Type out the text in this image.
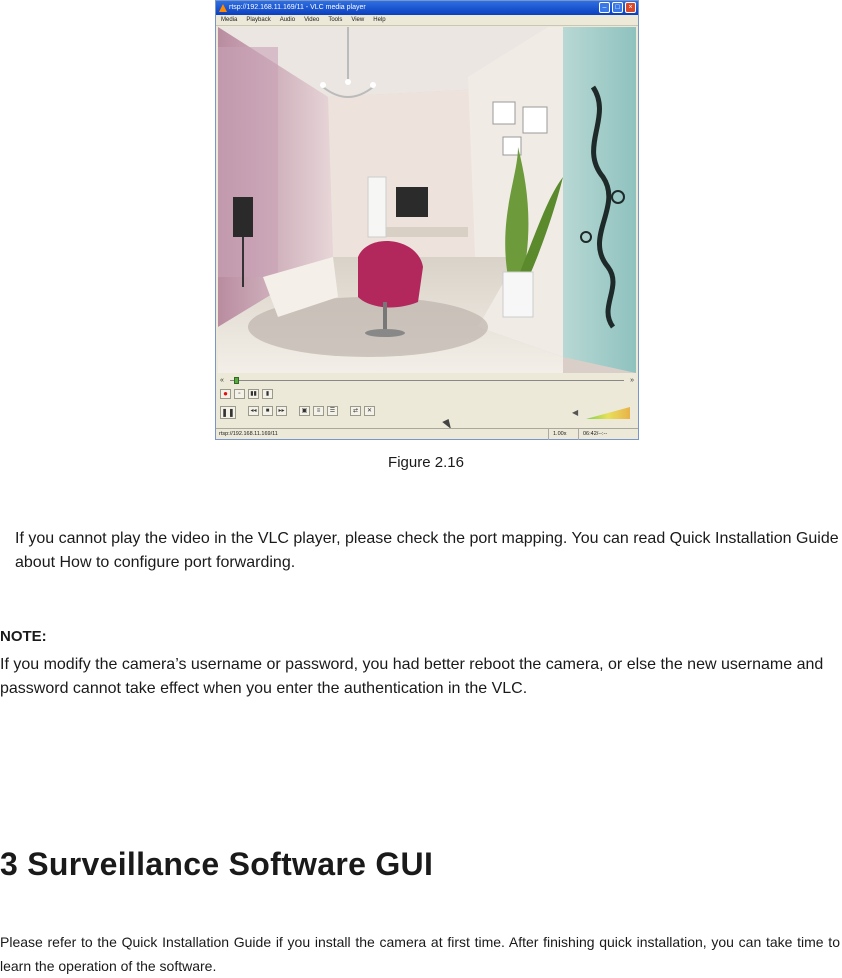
rtsp://192.168.11.169/11 - VLC media player	–	□	×
Media Playback Audio Video Tools View Help
«	»
●	▫	▮▮	▮
❚❚	◂◂	■	▸▸	▣	≡	☰	⇄	✕	◀
rtsp://192.168.11.169/11	1.00x	06:42/--:--

Figure 2.16

If you cannot play the video in the VLC player, please check the port mapping. You can read Quick Installation Guide about How to configure port forwarding.

NOTE:

If you modify the camera’s username or password, you had better reboot the camera, or else the new username and password cannot take effect when you enter the authentication in the VLC.

3 Surveillance Software GUI

Please refer to the Quick Installation Guide if you install the camera at first time. After finishing quick installation, you can take time to learn the operation of the software.
